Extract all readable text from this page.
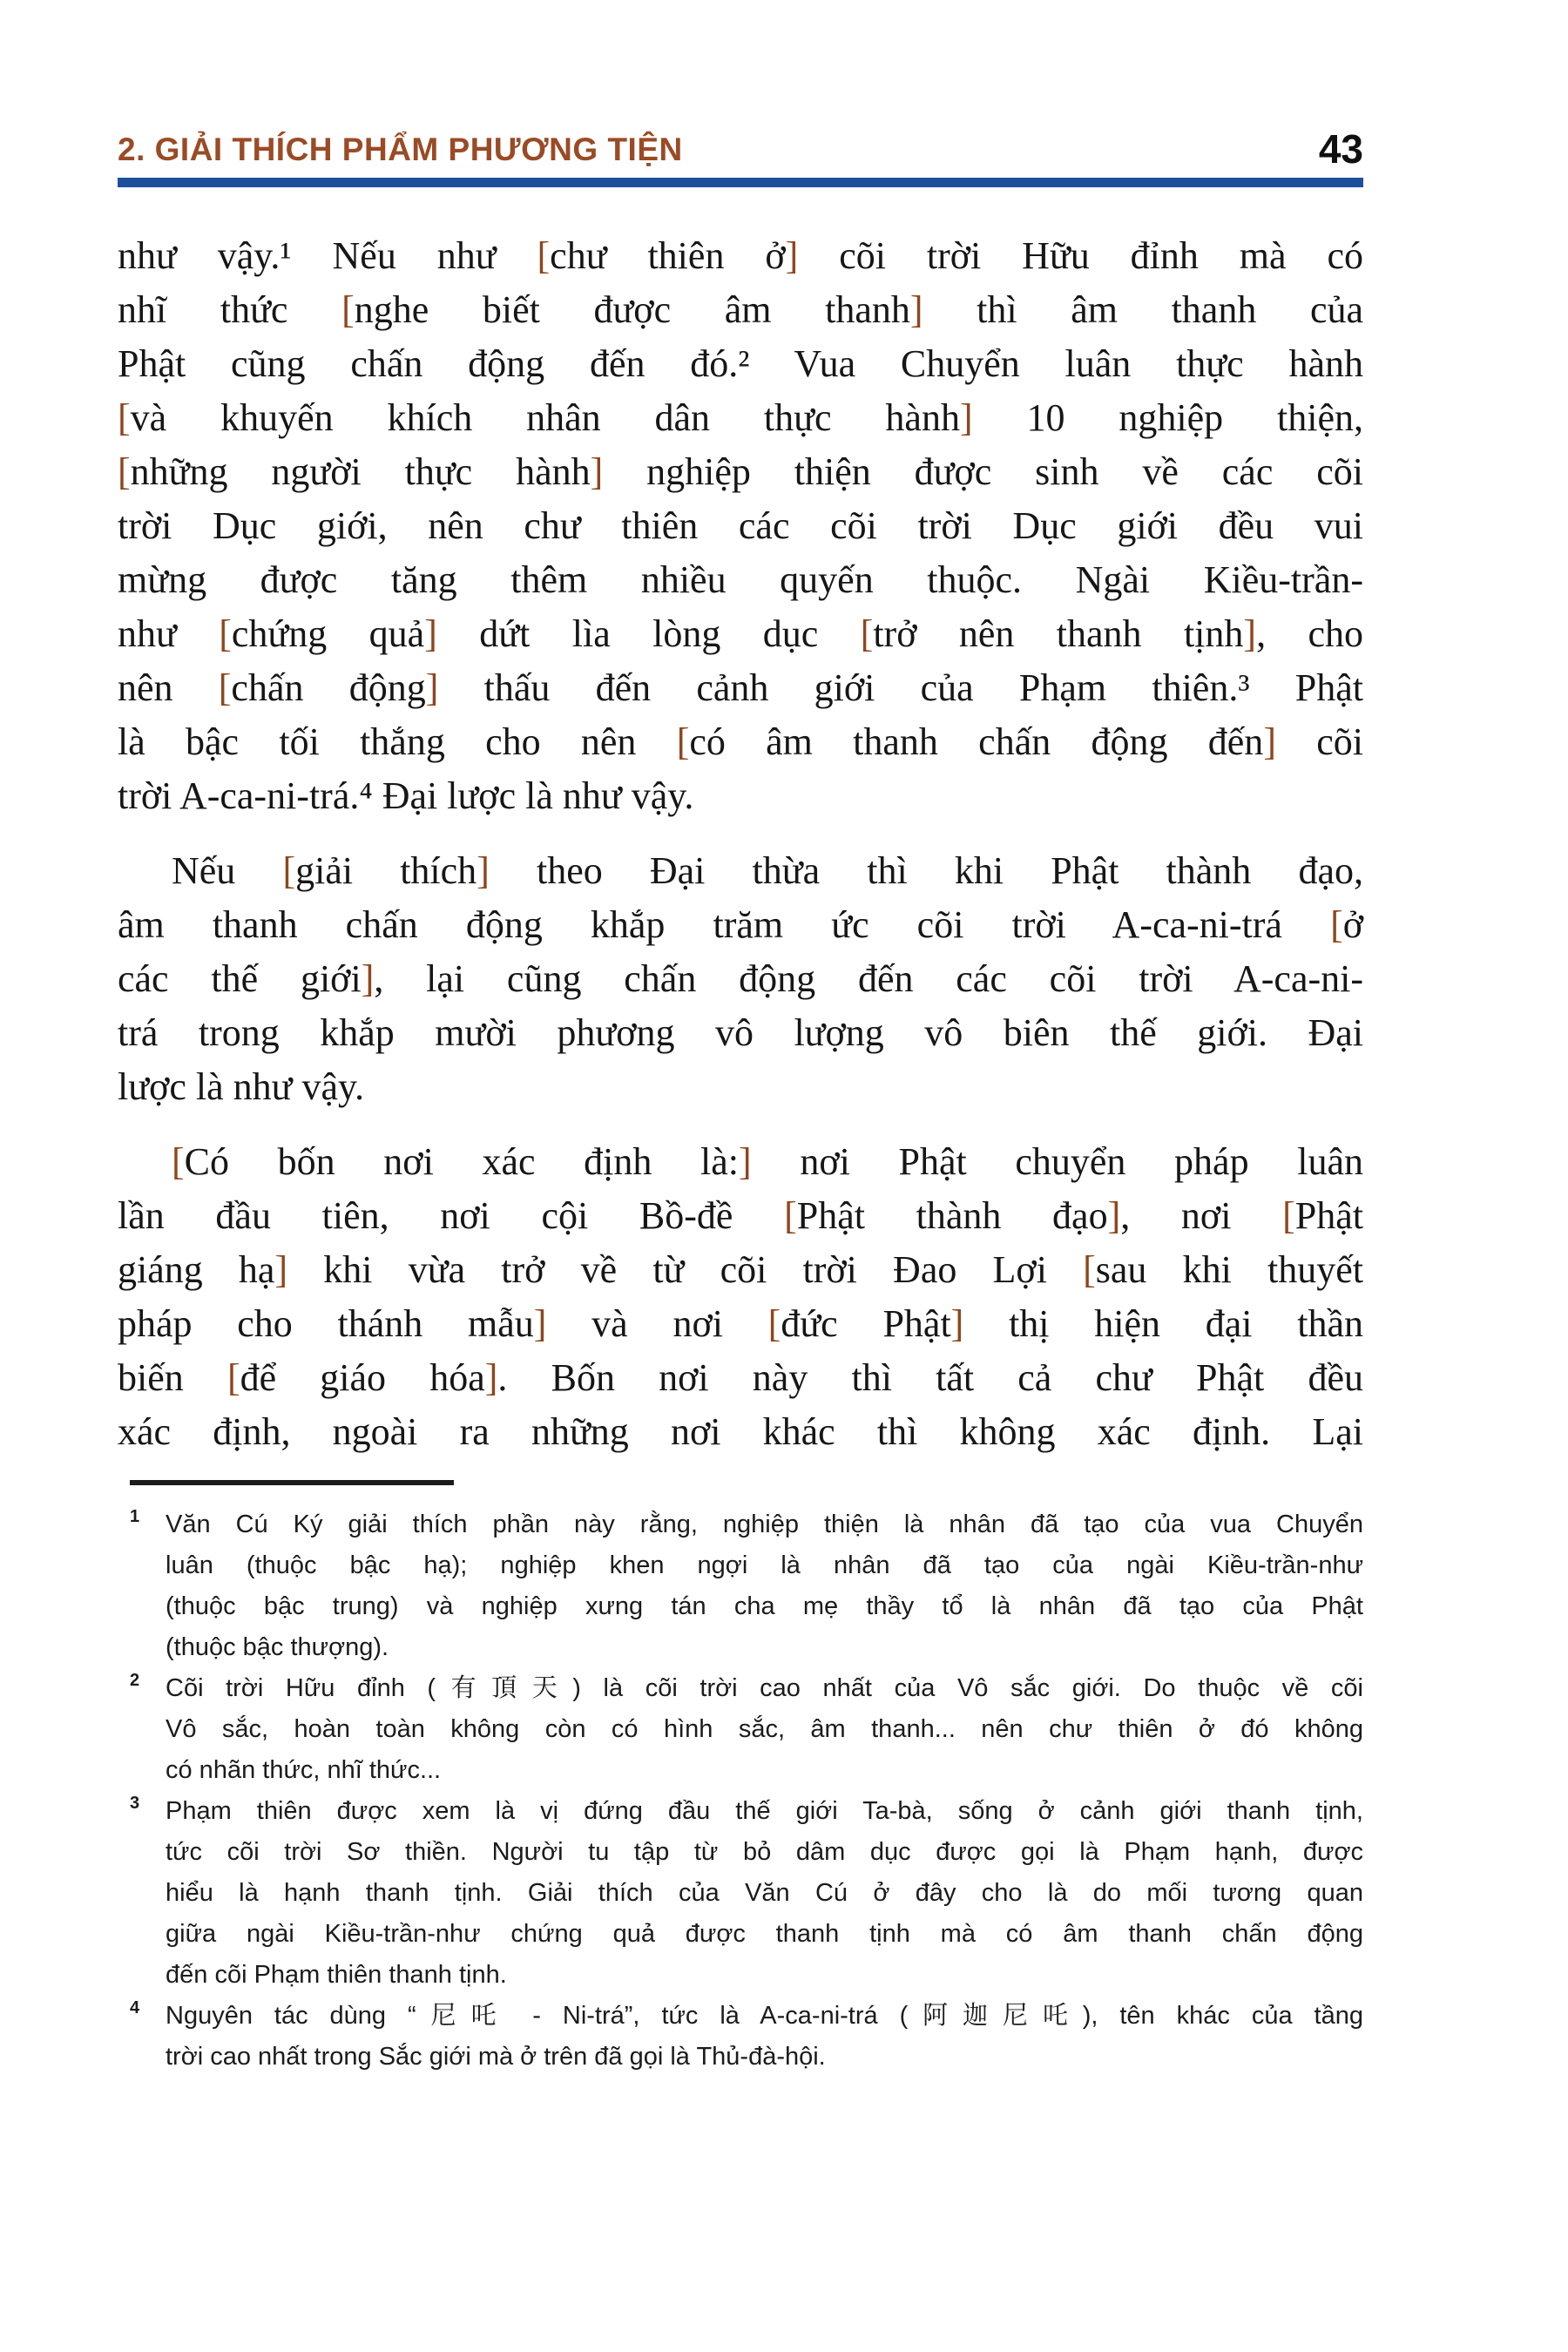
2. GIẢI THÍCH PHẨM PHƯƠNG TIỆN	43
như vậy.¹ Nếu như [chư thiên ở] cõi trời Hữu đỉnh mà có
nhĩ thức [nghe biết được âm thanh] thì âm thanh của
Phật cũng chấn động đến đó.² Vua Chuyển luân thực hành
[và khuyến khích nhân dân thực hành] 10 nghiệp thiện,
[những người thực hành] nghiệp thiện được sinh về các cõi
trời Dục giới, nên chư thiên các cõi trời Dục giới đều vui
mừng được tăng thêm nhiều quyến thuộc. Ngài Kiều-trần-
như [chứng quả] dứt lìa lòng dục [trở nên thanh tịnh], cho
nên [chấn động] thấu đến cảnh giới của Phạm thiên.³ Phật
là bậc tối thắng cho nên [có âm thanh chấn động đến] cõi
trời A-ca-ni-trá.⁴ Đại lược là như vậy.
Nếu [giải thích] theo Đại thừa thì khi Phật thành đạo,
âm thanh chấn động khắp trăm ức cõi trời A-ca-ni-trá [ở
các thế giới], lại cũng chấn động đến các cõi trời A-ca-ni-
trá trong khắp mười phương vô lượng vô biên thế giới. Đại
lược là như vậy.
[Có bốn nơi xác định là:] nơi Phật chuyển pháp luân
lần đầu tiên, nơi cội Bồ-đề [Phật thành đạo], nơi [Phật
giáng hạ] khi vừa trở về từ cõi trời Đao Lợi [sau khi thuyết
pháp cho thánh mẫu] và nơi [đức Phật] thị hiện đại thần
biến [để giáo hóa]. Bốn nơi này thì tất cả chư Phật đều
xác định, ngoài ra những nơi khác thì không xác định. Lại
1 Văn Cú Ký giải thích phần này rằng, nghiệp thiện là nhân đã tạo của vua Chuyển
luân (thuộc bậc hạ); nghiệp khen ngợi là nhân đã tạo của ngài Kiều-trần-như
(thuộc bậc trung) và nghiệp xưng tán cha mẹ thầy tổ là nhân đã tạo của Phật
(thuộc bậc thượng).
2 Cõi trời Hữu đỉnh (有頂天) là cõi trời cao nhất của Vô sắc giới. Do thuộc về cõi
Vô sắc, hoàn toàn không còn có hình sắc, âm thanh... nên chư thiên ở đó không
có nhãn thức, nhĩ thức...
3 Phạm thiên được xem là vị đứng đầu thế giới Ta-bà, sống ở cảnh giới thanh tịnh,
tức cõi trời Sơ thiền. Người tu tập từ bỏ dâm dục được gọi là Phạm hạnh, được
hiểu là hạnh thanh tịnh. Giải thích của Văn Cú ở đây cho là do mối tương quan
giữa ngài Kiều-trần-như chứng quả được thanh tịnh mà có âm thanh chấn động
đến cõi Phạm thiên thanh tịnh.
4 Nguyên tác dùng “尼吒 - Ni-trá”, tức là A-ca-ni-trá (阿迦尼吒), tên khác của tầng
trời cao nhất trong Sắc giới mà ở trên đã gọi là Thủ-đà-hội.
